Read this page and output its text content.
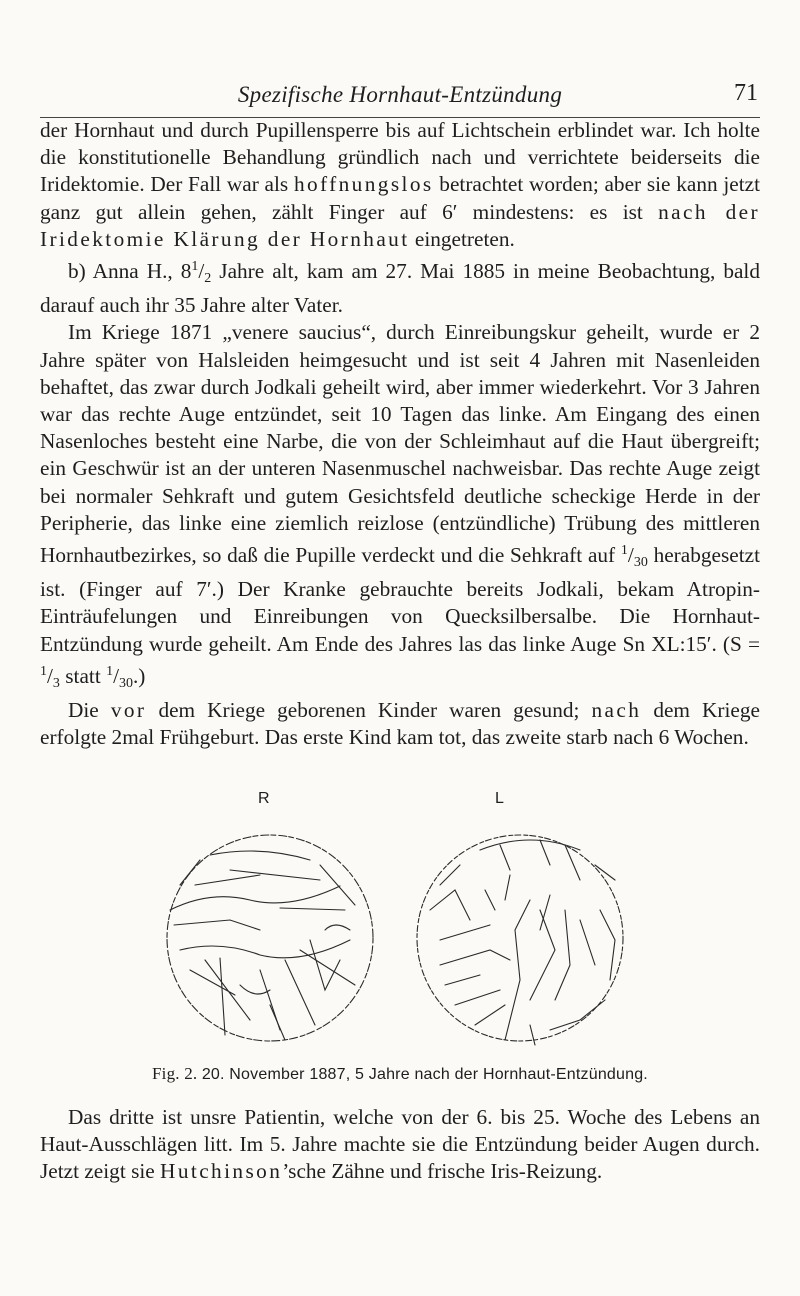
Spezifische Hornhaut-Entzündung	71

der Hornhaut und durch Pupillensperre bis auf Lichtschein erblindet war. Ich holte die konstitutionelle Behandlung gründlich nach und verrichtete beiderseits die Iridektomie. Der Fall war als hoffnungslos betrachtet worden; aber sie kann jetzt ganz gut allein gehen, zählt Finger auf 6′ mindestens: es ist nach der Iridektomie Klärung der Hornhaut eingetreten.

b) Anna H., $8^1/_2$ Jahre alt, kam am 27. Mai 1885 in meine Beobachtung, bald darauf auch ihr 35 Jahre alter Vater.

Im Kriege 1871 „venere saucius“, durch Einreibungskur geheilt, wurde er 2 Jahre später von Halsleiden heimgesucht und ist seit 4 Jahren mit Nasenleiden behaftet, das zwar durch Jodkali geheilt wird, aber immer wiederkehrt. Vor 3 Jahren war das rechte Auge entzündet, seit 10 Tagen das linke. Am Eingang des einen Nasenloches besteht eine Narbe, die von der Schleimhaut auf die Haut übergreift; ein Geschwür ist an der unteren Nasenmuschel nachweisbar. Das rechte Auge zeigt bei normaler Sehkraft und gutem Gesichtsfeld deutliche scheckige Herde in der Peripherie, das linke eine ziemlich reizlose (entzündliche) Trübung des mittleren Hornhautbezirkes, so daß die Pupille verdeckt und die Sehkraft auf $^1/_{30}$ herabgesetzt ist. (Finger auf 7′.) Der Kranke gebrauchte bereits Jodkali, bekam Atropin-Einträufelungen und Einreibungen von Quecksilbersalbe. Die Hornhaut-Entzündung wurde geheilt. Am Ende des Jahres las das linke Auge Sn XL:15′. ($S = ^1/_3$ statt $^1/_{30}$.)

Die vor dem Kriege geborenen Kinder waren gesund; nach dem Kriege erfolgte 2mal Frühgeburt. Das erste Kind kam tot, das zweite starb nach 6 Wochen.

R	L
Fig. 2. 20. November 1887, 5 Jahre nach der Hornhaut-Entzündung.

Das dritte ist unsre Patientin, welche von der 6. bis 25. Woche des Lebens an Haut-Ausschlägen litt. Im 5. Jahre machte sie die Entzündung beider Augen durch. Jetzt zeigt sie Hutchinson’sche Zähne und frische Iris-Reizung.
